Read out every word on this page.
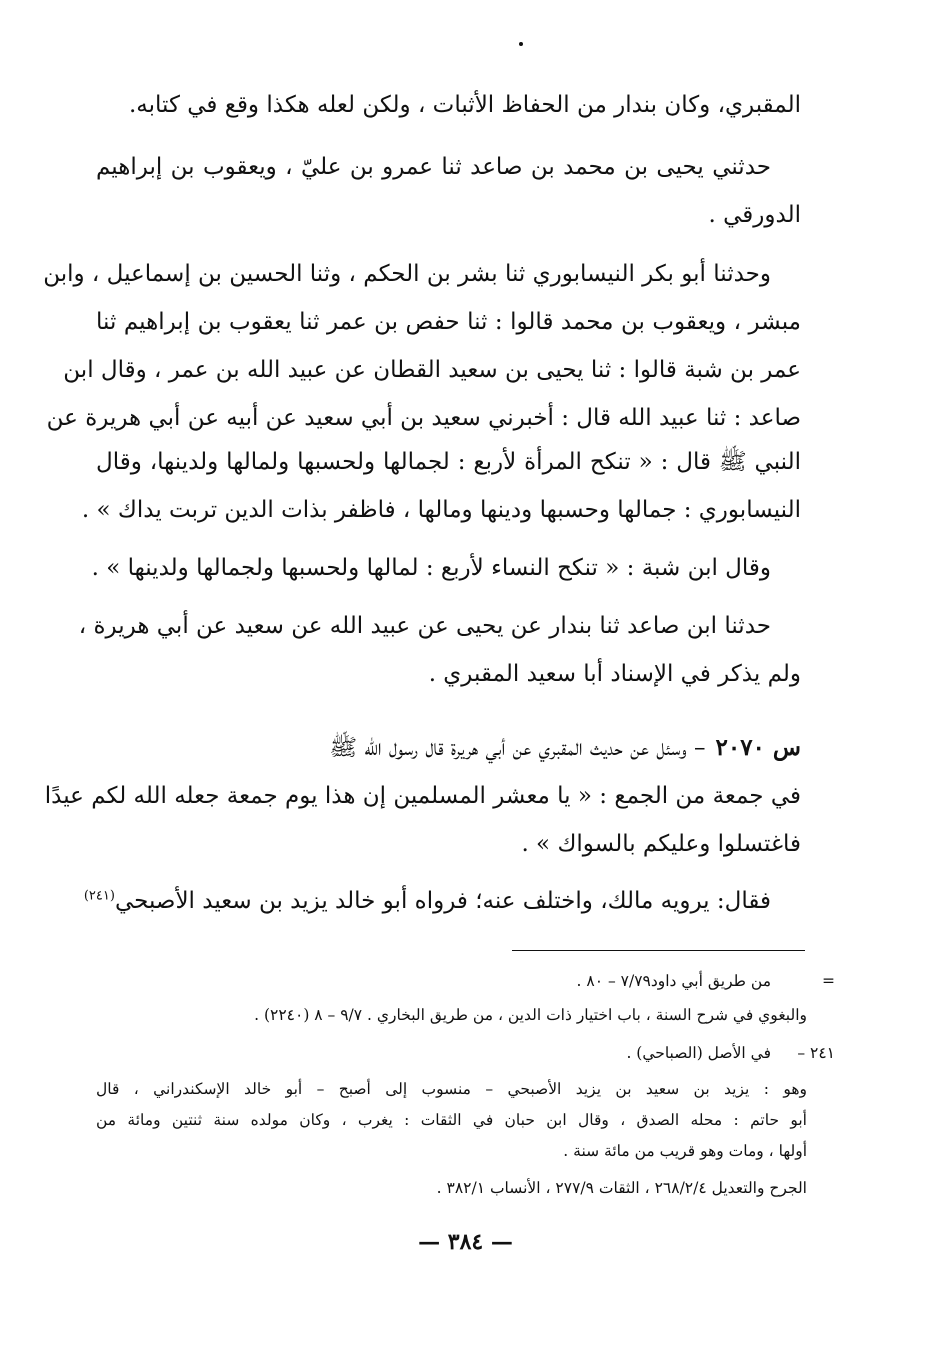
المقبري، وكان بندار من الحفاظ الأثبات ، ولكن لعله هكذا وقع في كتابه.
حدثني يحيى بن محمد بن صاعد ثنا عمرو بن عليّ ، ويعقوب بن إبراهيم
الدورقي .
وحدثنا أبو بكر النيسابوري ثنا بشر بن الحكم ، وثنا الحسين بن إسماعيل ، وابن
مبشر ، ويعقوب بن محمد قالوا : ثنا حفص بن عمر ثنا يعقوب بن إبراهيم ثنا
عمر بن شبة قالوا : ثنا يحيى بن سعيد القطان عن عبيد الله بن عمر ، وقال ابن
صاعد : ثنا عبيد الله قال : أخبرني سعيد بن أبي سعيد عن أبيه عن أبي هريرة عن
النبي ﷺ قال : « تنكح المرأة لأربع : لجمالها ولحسبها ولمالها ولدينها، وقال
النيسابوري : جمالها وحسبها ودينها ومالها ، فاظفر بذات الدين تربت يداك » .
وقال ابن شبة : « تنكح النساء لأربع : لمالها ولحسبها ولجمالها ولدينها » .
حدثنا ابن صاعد ثنا بندار عن يحيى عن عبيد الله عن سعيد عن أبي هريرة ،
ولم يذكر في الإسناد أبا سعيد المقبري .
س ٢٠٧٠
– وسئل عن حديث المقبري عن أبي هريرة قال رسول الله ﷺ
في جمعة من الجمع : « يا معشر المسلمين إن هذا يوم جمعة جعله الله لكم عيدًا
فاغتسلوا وعليكم بالسواك » .
فقال: يرويه مالك، واختلف عنه؛ فرواه أبو خالد يزيد بن سعيد الأصبحي$^{(٢٤١)}$
=
من طريق أبي داود٧/٧٩ – ٨٠ .
والبغوي في شرح السنة ، باب اختيار ذات الدين ، من طريق البخاري . ٩/٧ – ٨ (٢٢٤٠) .
٢٤١ –
في الأصل (الصباحي) .
وهو : يزيد بن سعيد بن يزيد الأصبحي – منسوب إلى أصبح – أبو خالد الإسكندراني ، قال
أبو حاتم : محله الصدق ، وقال ابن حبان في الثقات : يغرب ، وكان مولده سنة ثنتين ومائة من
أولها ، ومات وهو قريب من مائة سنة .
الجرح والتعديل ٢٦٨/٢/٤ ، الثقات ٢٧٧/٩ ، الأنساب ٣٨٢/١ .
— ٣٨٤ —
